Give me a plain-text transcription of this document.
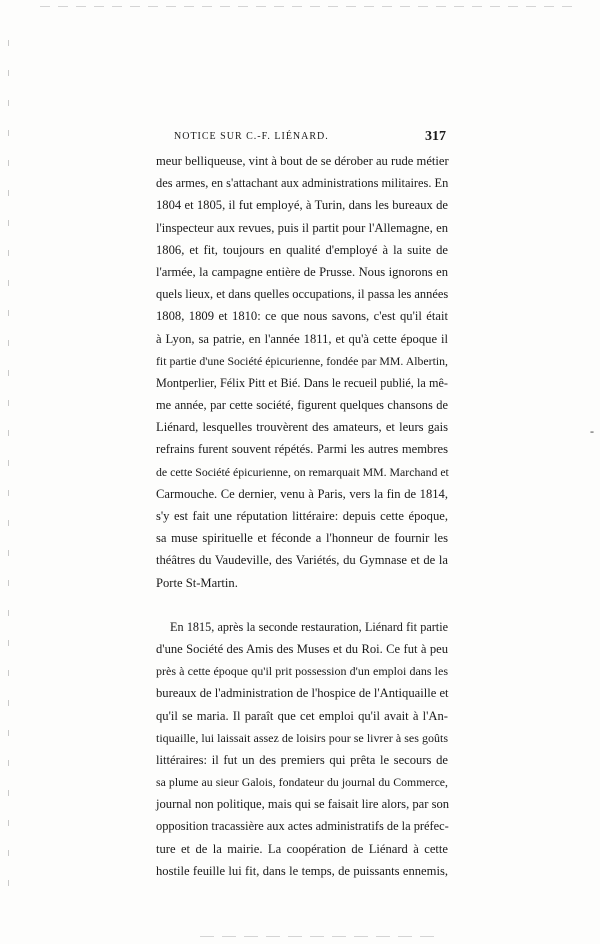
NOTICE SUR C.-F. LIÉNARD.	317
meur belliqueuse, vint à bout de se dérober au rude métier
des armes, en s'attachant aux administrations militaires. En
1804 et 1805, il fut employé, à Turin, dans les bureaux de
l'inspecteur aux revues, puis il partit pour l'Allemagne, en
1806, et fit, toujours en qualité d'employé à la suite de
l'armée, la campagne entière de Prusse. Nous ignorons en
quels lieux, et dans quelles occupations, il passa les années
1808, 1809 et 1810: ce que nous savons, c'est qu'il était
à Lyon, sa patrie, en l'année 1811, et qu'à cette époque il
fit partie d'une Société épicurienne, fondée par MM. Albertin,
Montperlier, Félix Pitt et Bié. Dans le recueil publié, la mê-
me année, par cette société, figurent quelques chansons de
Liénard, lesquelles trouvèrent des amateurs, et leurs gais
refrains furent souvent répétés. Parmi les autres membres
de cette Société épicurienne, on remarquait MM. Marchand et
Carmouche. Ce dernier, venu à Paris, vers la fin de 1814,
s'y est fait une réputation littéraire: depuis cette époque,
sa muse spirituelle et féconde a l'honneur de fournir les
théâtres du Vaudeville, des Variétés, du Gymnase et de la
Porte St-Martin.
En 1815, après la seconde restauration, Liénard fit partie
d'une Société des Amis des Muses et du Roi. Ce fut à peu
près à cette époque qu'il prit possession d'un emploi dans les
bureaux de l'administration de l'hospice de l'Antiquaille et
qu'il se maria. Il paraît que cet emploi qu'il avait à l'An-
tiquaille, lui laissait assez de loisirs pour se livrer à ses goûts
littéraires: il fut un des premiers qui prêta le secours de
sa plume au sieur Galois, fondateur du journal du Commerce,
journal non politique, mais qui se faisait lire alors, par son
opposition tracassière aux actes administratifs de la préfec-
ture et de la mairie. La coopération de Liénard à cette
hostile feuille lui fit, dans le temps, de puissants ennemis,
-
